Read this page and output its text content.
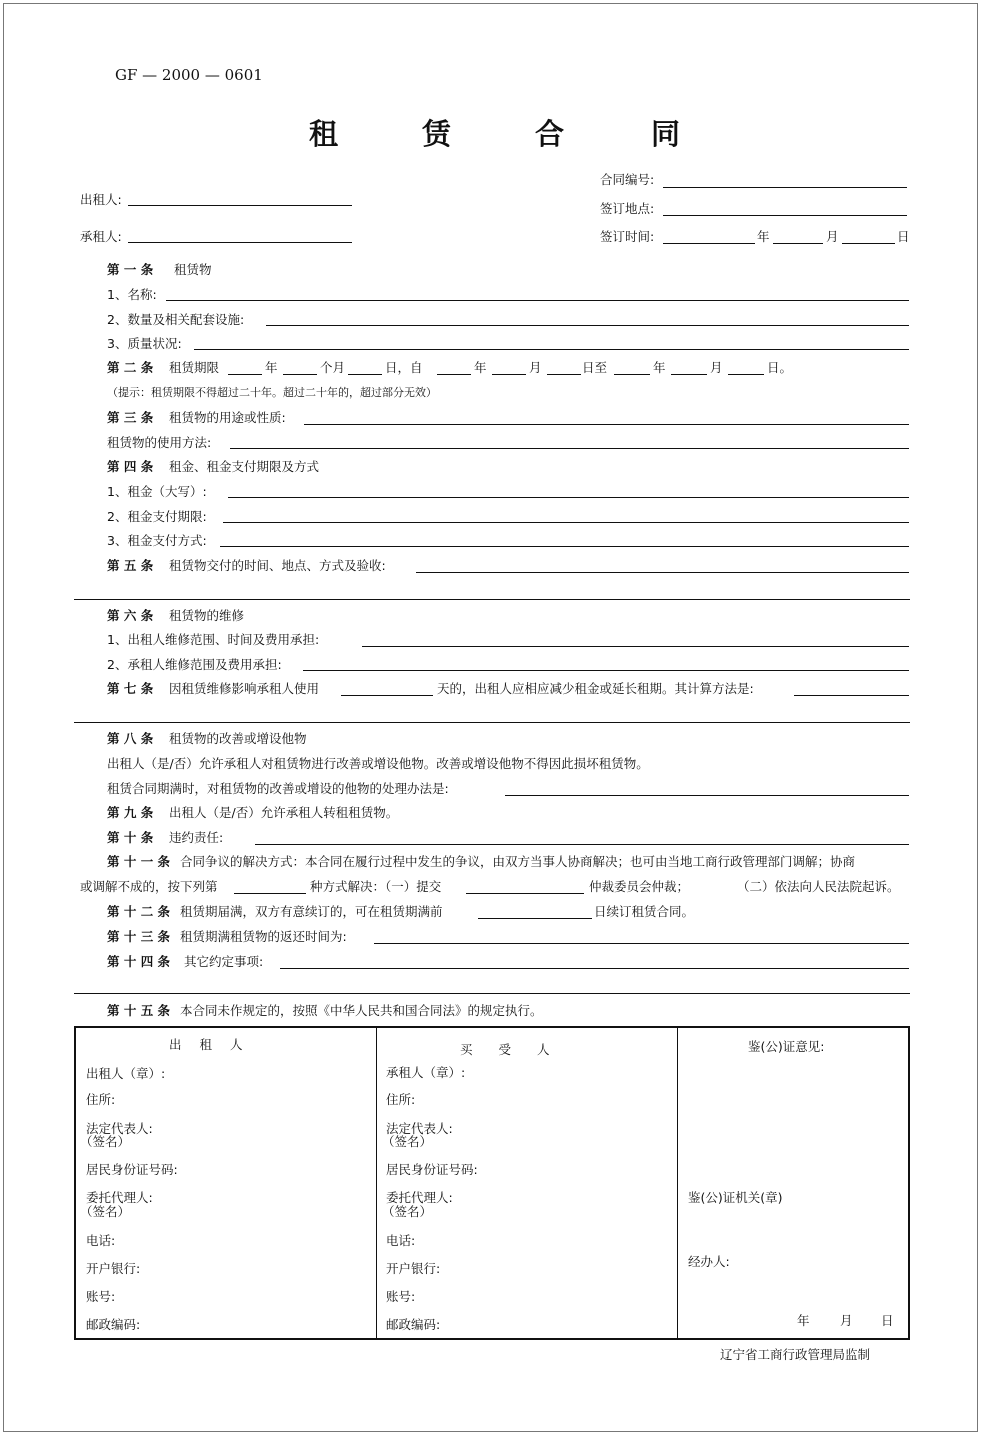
GF — 2000 — 0601
租	赁	合	同
出租人:
承租人:
合同编号:
签订地点:
签订时间:	年	月	日
第 一 条 租赁物
1、名称:
2、数量及相关配套设施:
3、质量状况:
第 二 条 租赁期限	年	个月	日，自	年	月	日至	年	月	日。
（提示：租赁期限不得超过二十年。超过二十年的，超过部分无效）
第 三 条 租赁物的用途或性质:
租赁物的使用方法:
第 四 条 租金、租金支付期限及方式
1、租金（大写）:
2、租金支付期限:
3、租金支付方式:
第 五 条 租赁物交付的时间、地点、方式及验收:
第 六 条 租赁物的维修
1、出租人维修范围、时间及费用承担:
2、承租人维修范围及费用承担:
第 七 条 因租赁维修影响承租人使用	天的，出租人应相应减少租金或延长租期。其计算方法是:
第 八 条 租赁物的改善或增设他物
出租人（是/否）允许承租人对租赁物进行改善或增设他物。改善或增设他物不得因此损坏租赁物。
租赁合同期满时，对租赁物的改善或增设的他物的处理办法是:
第 九 条 出租人（是/否）允许承租人转租租赁物。
第 十 条 违约责任:
第 十 一 条 合同争议的解决方式：本合同在履行过程中发生的争议，由双方当事人协商解决；也可由当地工商行政管理部门调解；协商
或调解不成的，按下列第	种方式解决：（一）提交	仲裁委员会仲裁；	（二）依法向人民法院起诉。
第 十 二 条 租赁期届满，双方有意续订的，可在租赁期满前	日续订租赁合同。
第 十 三 条 租赁期满租赁物的返还时间为:
第 十 四 条 其它约定事项:
第 十 五 条 本合同未作规定的，按照《中华人民共和国合同法》的规定执行。
出 租 人	买 受 人	鉴(公)证意见:
出租人（章）:
住所:
法定代表人:
（签名）
居民身份证号码:
委托代理人:
（签名）
电话:
开户银行:
账号:
邮政编码:
承租人（章）:
住所:
法定代表人:
（签名）
居民身份证号码:
委托代理人:
（签名）
电话:
开户银行:
账号:
邮政编码:
鉴(公)证机关(章)
经办人:
年 月 日
辽宁省工商行政管理局监制
